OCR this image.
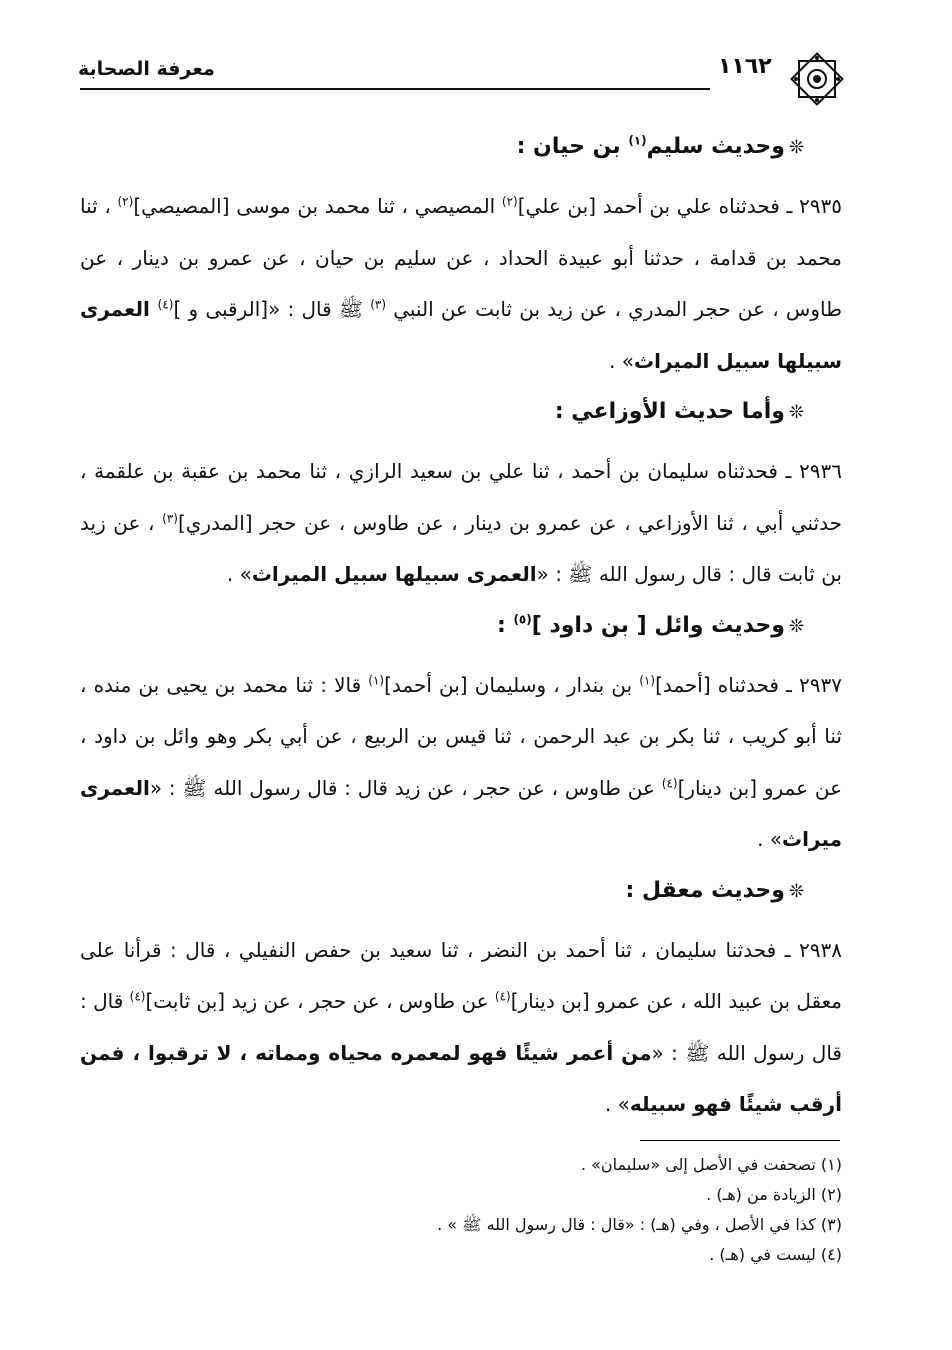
معرفة الصحابة	١١٦٢
❊وحديث سليم$^{(١)}$ بن حيان :
٢٩٣٥ ـ فحدثناه علي بن أحمد [بن علي]$^{(٢)}$ المصيصي ، ثنا محمد بن موسى [المصيصي]$^{(٢)}$ ، ثنا محمد بن قدامة ، حدثنا أبو عبيدة الحداد ، عن سليم بن حيان ، عن عمرو بن دينار ، عن طاوس ، عن حجر المدري ، عن زيد بن ثابت عن النبي $^{(٣)}$ ﷺ قال : «[الرقبى و ]$^{(٤)}$ العمرى سبيلها سبيل الميراث» .
❊وأما حديث الأوزاعي :
٢٩٣٦ ـ فحدثناه سليمان بن أحمد ، ثنا علي بن سعيد الرازي ، ثنا محمد بن عقبة بن علقمة ، حدثني أبي ، ثنا الأوزاعي ، عن عمرو بن دينار ، عن طاوس ، عن حجر [المدري]$^{(٣)}$ ، عن زيد بن ثابت قال : قال رسول الله ﷺ : «العمرى سبيلها سبيل الميراث» .
❊وحديث وائل [ بن داود ]$^{(٥)}$ :
٢٩٣٧ ـ فحدثناه [أحمد]$^{(١)}$ بن بندار ، وسليمان [بن أحمد]$^{(١)}$ قالا : ثنا محمد بن يحيى بن منده ، ثنا أبو كريب ، ثنا بكر بن عبد الرحمن ، ثنا قيس بن الربيع ، عن أبي بكر وهو وائل بن داود ، عن عمرو [بن دينار]$^{(٤)}$ عن طاوس ، عن حجر ، عن زيد قال : قال رسول الله ﷺ : «العمرى ميراث» .
❊وحديث معقل :
٢٩٣٨ ـ فحدثنا سليمان ، ثنا أحمد بن النضر ، ثنا سعيد بن حفص النفيلي ، قال : قرأنا على معقل بن عبيد الله ، عن عمرو [بن دينار]$^{(٤)}$ عن طاوس ، عن حجر ، عن زيد [بن ثابت]$^{(٤)}$ قال : قال رسول الله ﷺ : «من أعمر شيئًا فهو لمعمره محياه ومماته ، لا ترقبوا ، فمن أرقب شيئًا فهو سبيله» .

(١) تصحفت في الأصل إلى «سليمان» .

(٢) الزيادة من (هـ) .

(٣) كذا في الأصل ، وفي (هـ) : «قال : قال رسول الله ﷺ » .

(٤) ليست في (هـ) .
